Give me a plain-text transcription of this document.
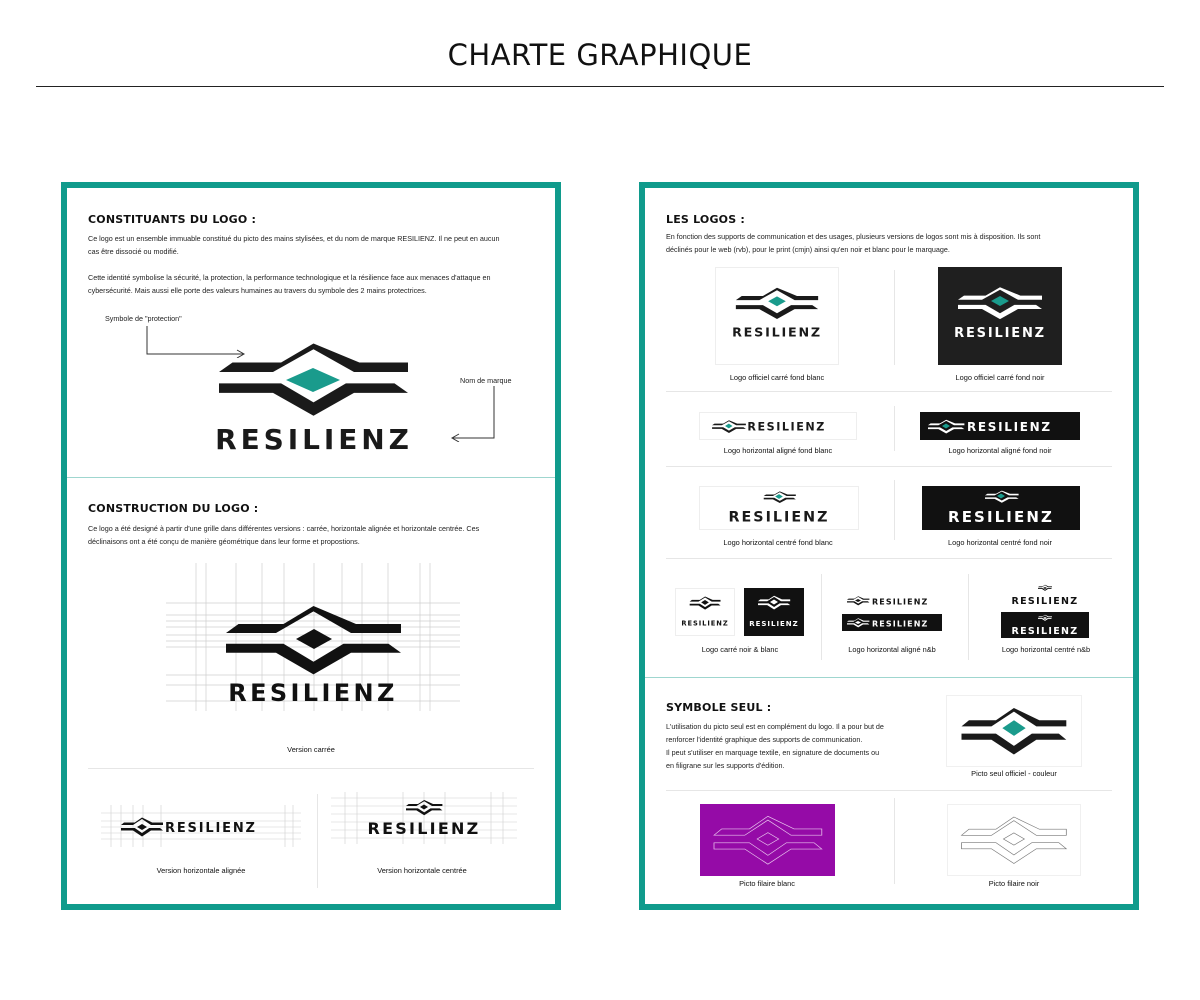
CHARTE GRAPHIQUE
CONSTITUANTS DU LOGO :
Ce logo est un ensemble immuable constitué du picto des mains stylisées, et du nom de marque RESILIENZ. Il ne peut en aucun
cas être dissocié ou modifié.
Cette identité symbolise la sécurité, la protection, la performance technologique et la résilience face aux menaces d'attaque en
cybersécurité. Mais aussi elle porte des valeurs humaines au travers du symbole des 2 mains protectrices.
Symbole de "protection"
RESILIENZ
Nom de marque
CONSTRUCTION DU LOGO :
Ce logo a été designé à partir d'une grille dans différentes versions : carrée, horizontale alignée et horizontale centrée. Ces
déclinaisons ont a été conçu de manière géométrique dans leur forme et propostions.
RESILIENZ
Version carrée
RESILIENZ
Version horizontale alignée
RESILIENZ
Version horizontale centrée
LES LOGOS :
En fonction des supports de communication et des usages, plusieurs versions de logos sont mis à disposition. Ils sont
déclinés pour le web (rvb), pour le print (cmjn) ainsi qu'en noir et blanc pour le marquage.
RESILIENZ
Logo officiel carré fond blanc
RESILIENZ
Logo officiel carré fond noir
RESILIENZ
Logo horizontal aligné fond blanc
RESILIENZ
Logo horizontal aligné fond noir
RESILIENZ
Logo horizontal centré fond blanc
RESILIENZ
Logo horizontal centré fond noir
RESILIENZ	RESILIENZ
Logo carré noir & blanc
RESILIENZ
RESILIENZ
Logo horizontal aligné n&b
RESILIENZ
RESILIENZ
Logo horizontal centré n&b
SYMBOLE SEUL :
L'utilisation du picto seul est en complément du logo. Il a pour but de
renforcer l'identité graphique des supports de communication.
Il peut s'utiliser en marquage textile, en signature de documents ou
en filigrane sur les supports d'édition.
Picto seul officiel - couleur
Picto filaire blanc	Picto filaire noir
